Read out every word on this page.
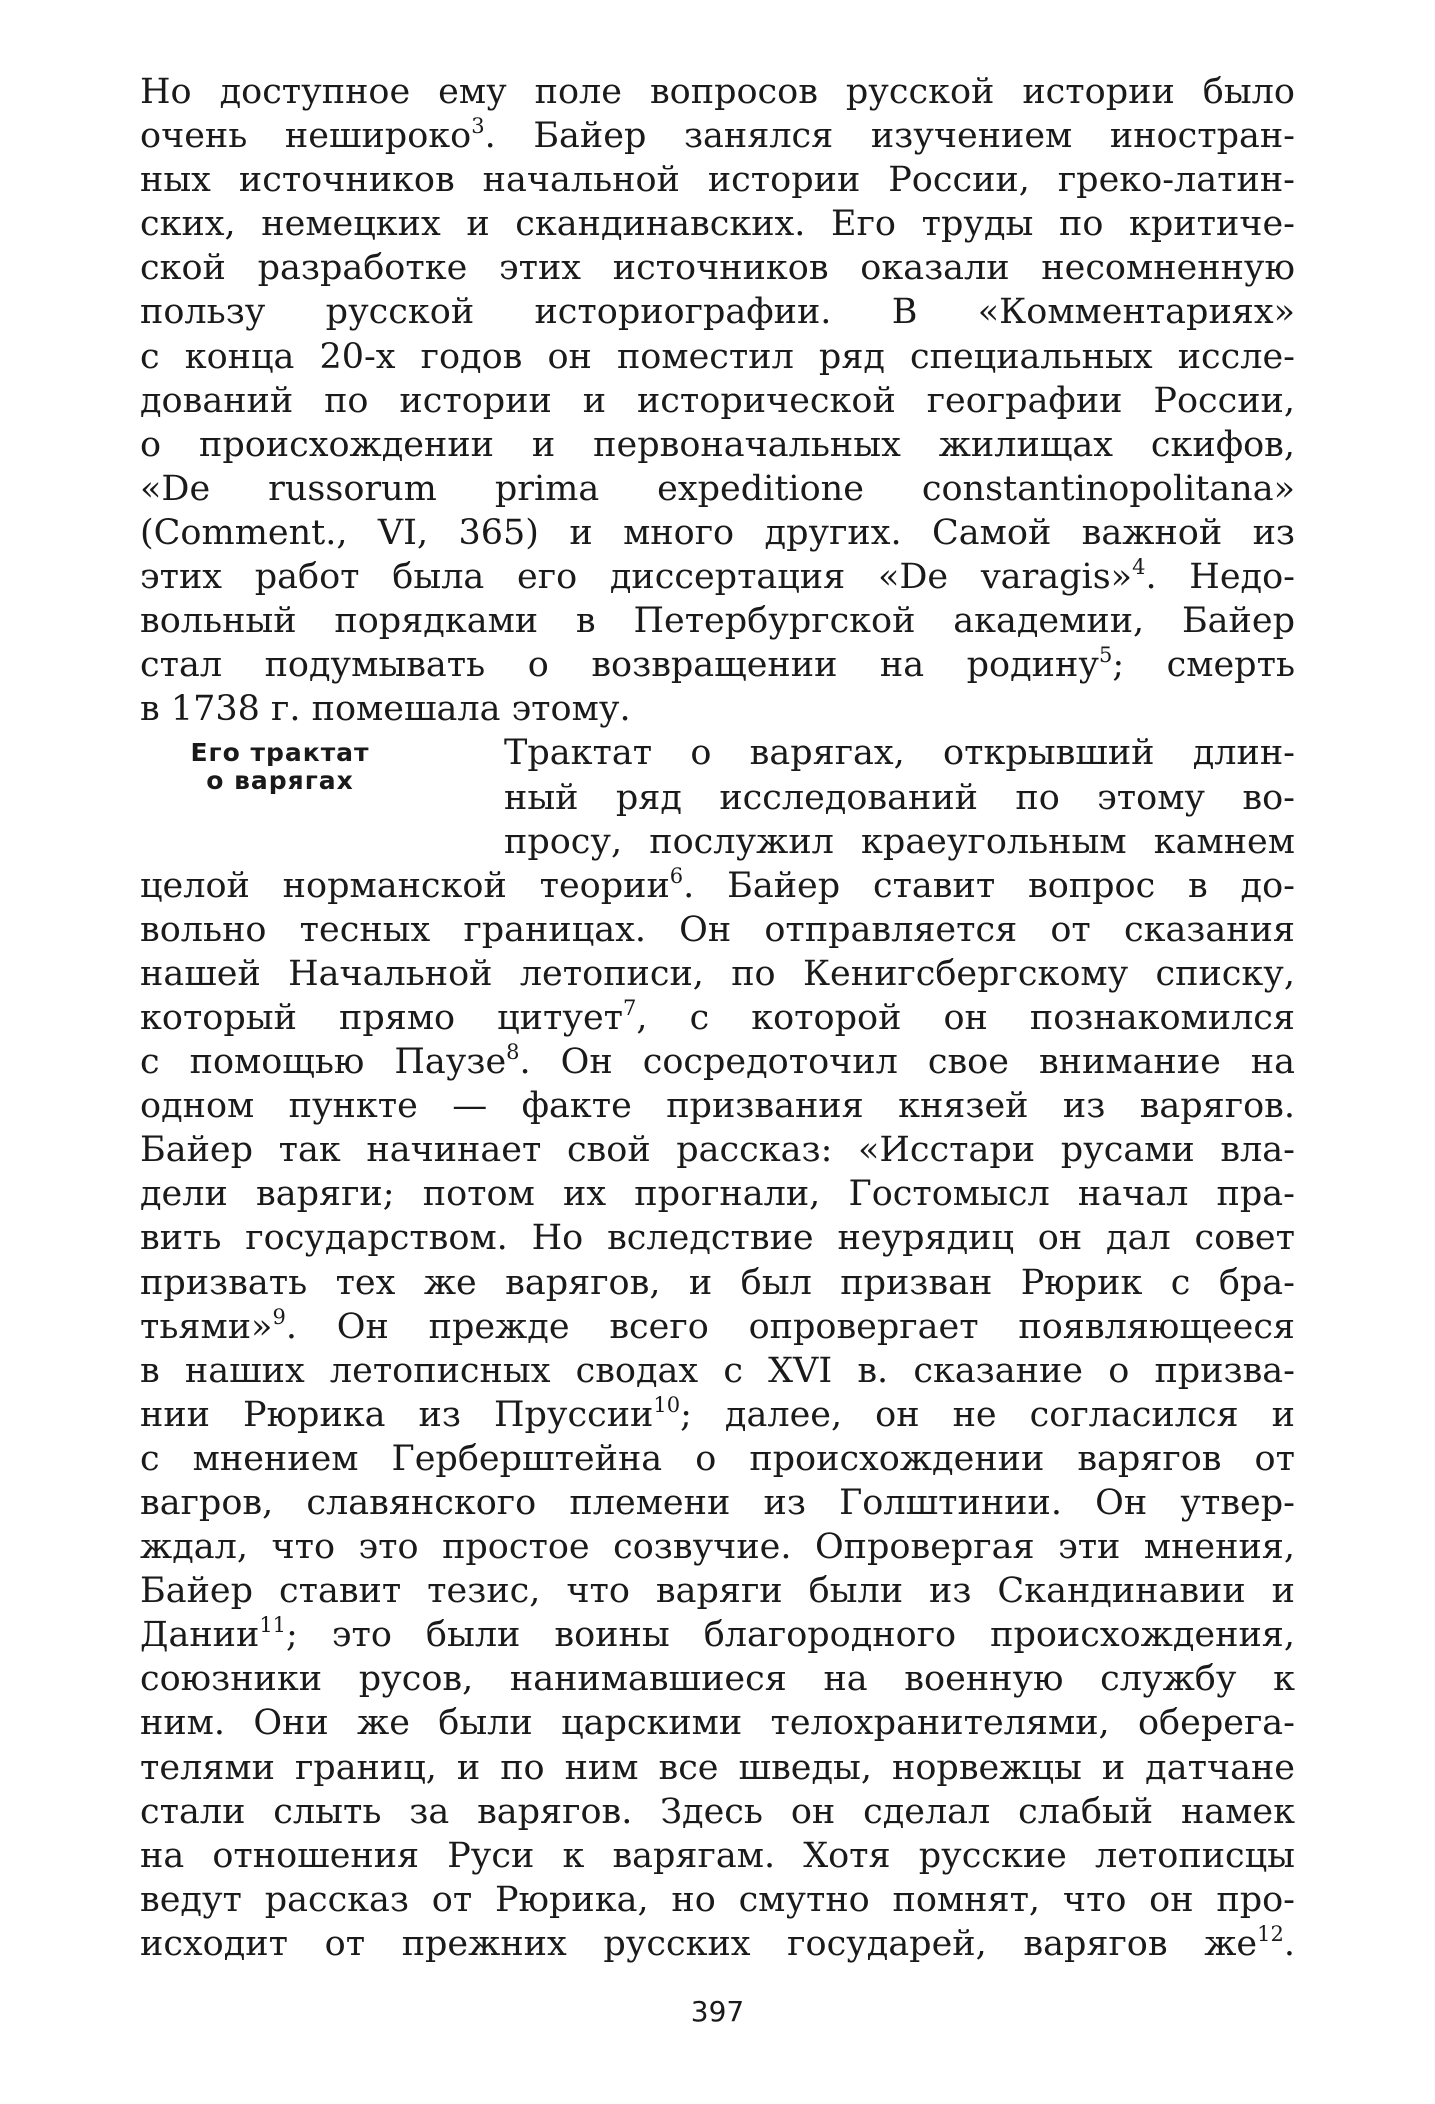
Но доступное ему поле вопросов русской истории было
очень неширoко$^3$. Байер занялся изучением иностран-
ных источников начальной истории России, греко-латин-
ских, немецких и скандинавских. Его труды по критиче-
ской разработке этих источников оказали несомненную
пользу русской историографии. В «Комментариях»
с конца 20-х годов он поместил ряд специальных иссле-
дований по истории и исторической географии России,
о происхождении и первоначальных жилищах скифов,
«De russorum prima expeditione constantinopolitana»
(Comment., VI, 365) и много других. Самой важной из
этих работ была его диссертация «De varagis»$^4$. Недо-
вольный порядками в Петербургской академии, Байер
стал подумывать о возвращении на родину$^5$; смерть
в 1738 г. помешала этому.
Его трактат
о варягах
Трактат о варягах, открывший длин-
ный ряд исследований по этому во-
просу, послужил краеугольным камнем
целой норманской теории$^6$. Байер ставит вопрос в до-
вольно тесных границах. Он отправляется от сказания
нашей Начальной летописи, по Кенигсбергскому списку,
который прямо цитует$^7$, с которой он познакомился
с помощью Паузе$^8$. Он сосредоточил свое внимание на
одном пункте — факте призвания князей из варягов.
Байер так начинает свой рассказ: «Исстари русами вла-
дели варяги; потом их прогнали, Гостомысл начал пра-
вить государством. Но вследствие неурядиц он дал совет
призвать тех же варягов, и был призван Рюрик с бра-
тьями»$^9$. Он прежде всего опровергает появляющееся
в наших летописных сводах с XVI в. сказание о призва-
нии Рюрика из Пруссии$^{10}$; далее, он не согласился и
с мнением Герберштейна о происхождении варягов от
вагров, славянского племени из Голштинии. Он утвер-
ждал, что это простое созвучие. Опровергая эти мнения,
Байер ставит тезис, что варяги были из Скандинавии и
Дании$^{11}$; это были воины благородного происхождения,
союзники русов, нанимавшиеся на военную службу к
ним. Они же были царскими телохранителями, оберега-
телями границ, и по ним все шведы, норвежцы и датчане
стали слыть за варягов. Здесь он сделал слабый намек
на отношения Руси к варягам. Хотя русские летописцы
ведут рассказ от Рюрика, но смутно помнят, что он про-
исходит от прежних русских государей, варягов $же^{12}$.
397
